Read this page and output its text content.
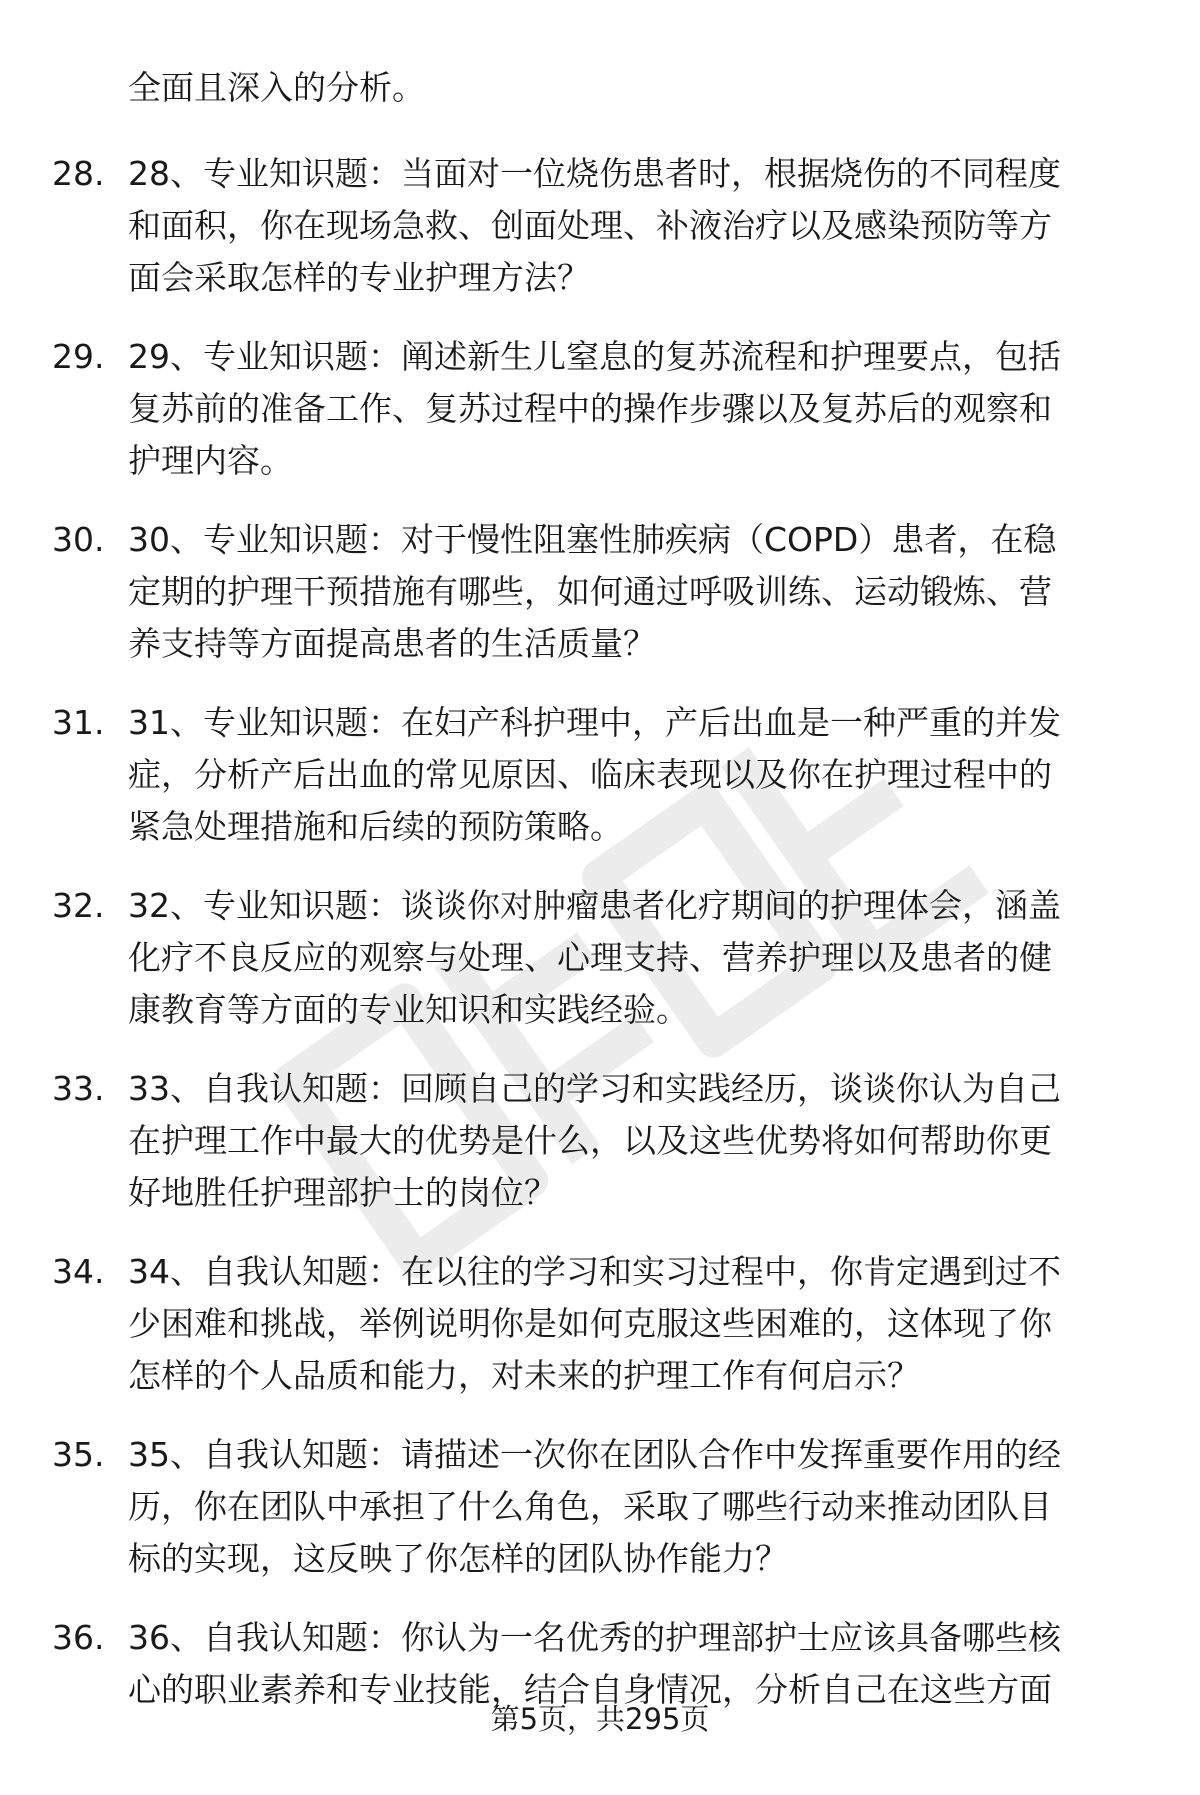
全面且深入的分析。
28. 28、专业知识题：当面对一位烧伤患者时，根据烧伤的不同程度
和面积，你在现场急救、创面处理、补液治疗以及感染预防等方
面会采取怎样的专业护理方法？
29. 29、专业知识题：阐述新生儿窒息的复苏流程和护理要点，包括
复苏前的准备工作、复苏过程中的操作步骤以及复苏后的观察和
护理内容。
30. 30、专业知识题：对于慢性阻塞性肺疾病（COPD）患者，在稳
定期的护理干预措施有哪些，如何通过呼吸训练、运动锻炼、营
养支持等方面提高患者的生活质量？
31. 31、专业知识题：在妇产科护理中，产后出血是一种严重的并发
症，分析产后出血的常见原因、临床表现以及你在护理过程中的
紧急处理措施和后续的预防策略。
32. 32、专业知识题：谈谈你对肿瘤患者化疗期间的护理体会，涵盖
化疗不良反应的观察与处理、心理支持、营养护理以及患者的健
康教育等方面的专业知识和实践经验。
33. 33、自我认知题：回顾自己的学习和实践经历，谈谈你认为自己
在护理工作中最大的优势是什么，以及这些优势将如何帮助你更
好地胜任护理部护士的岗位？
34. 34、自我认知题：在以往的学习和实习过程中，你肯定遇到过不
少困难和挑战，举例说明你是如何克服这些困难的，这体现了你
怎样的个人品质和能力，对未来的护理工作有何启示？
35. 35、自我认知题：请描述一次你在团队合作中发挥重要作用的经
历，你在团队中承担了什么角色，采取了哪些行动来推动团队目
标的实现，这反映了你怎样的团队协作能力？
36. 36、自我认知题：你认为一名优秀的护理部护士应该具备哪些核
心的职业素养和专业技能，结合自身情况，分析自己在这些方面
第5页，共295页
